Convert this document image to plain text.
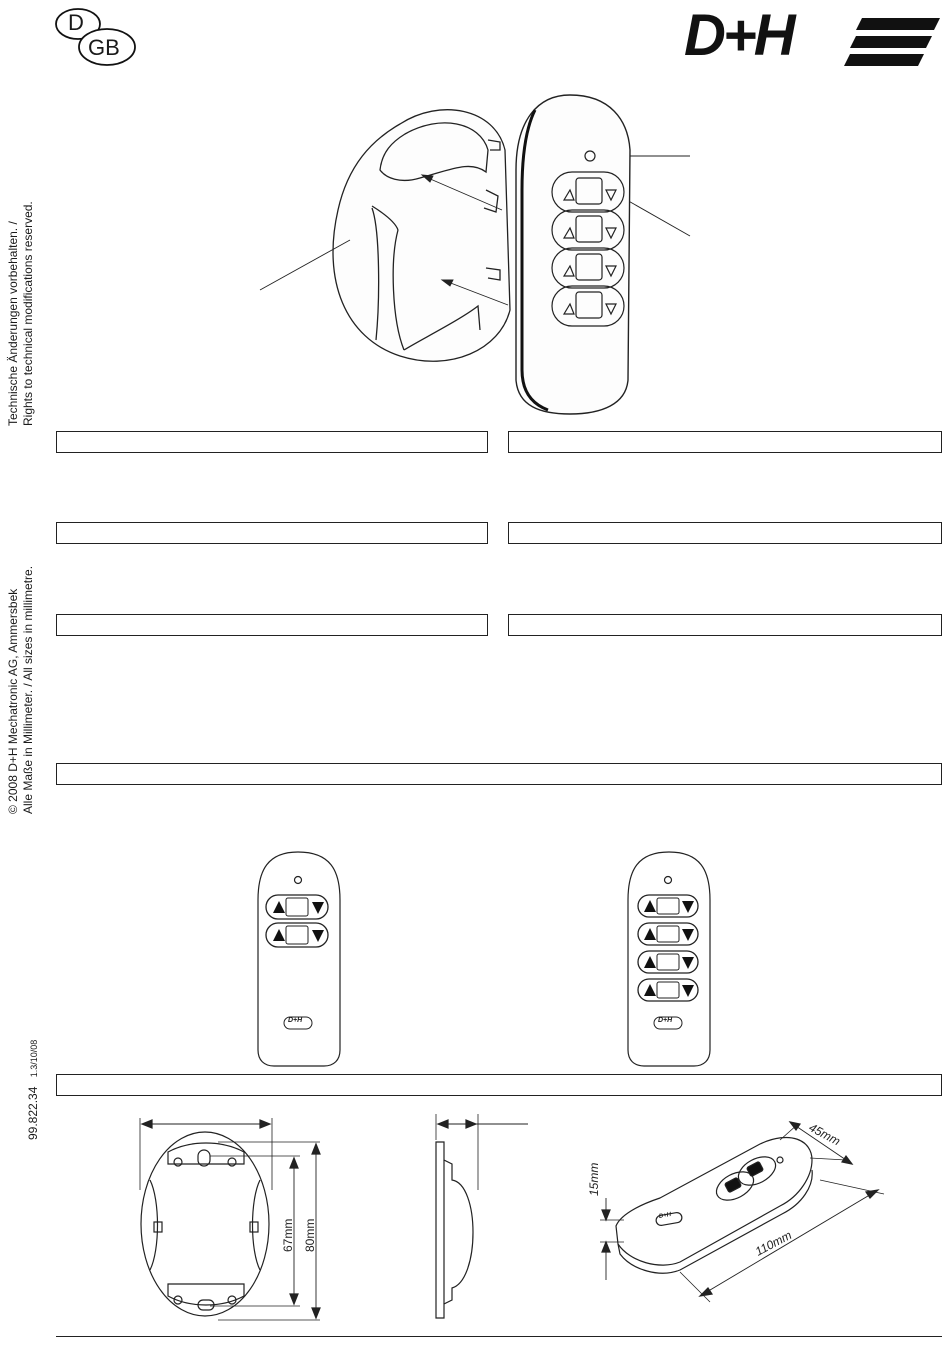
D
GB	D+H
Technische Änderungen vorbehalten. / Rights to technical modifications reserved.
© 2008 D+H Mechatronic AG, Ammersbek Alle Maße in Millimeter. / All sizes in millimetre.
99.822.34 1.3/10/08
D+H	D+H
67mm 80mm
15mm
45mm
110mm
D+H
